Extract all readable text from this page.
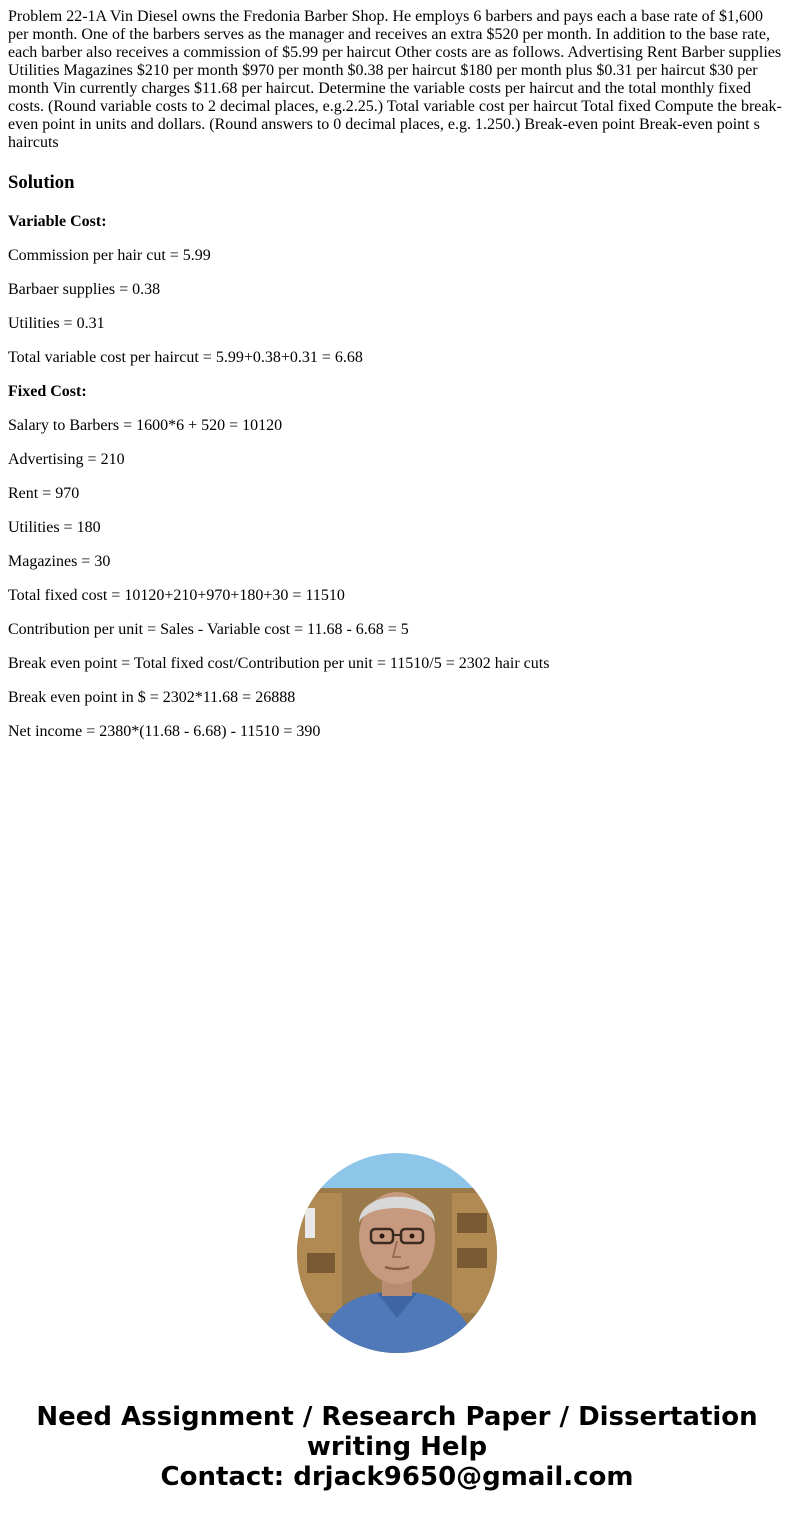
Problem 22-1A Vin Diesel owns the Fredonia Barber Shop. He employs 6 barbers and pays each a base rate of $1,600 per month. One of the barbers serves as the manager and receives an extra $520 per month. In addition to the base rate, each barber also receives a commission of $5.99 per haircut Other costs are as follows. Advertising Rent Barber supplies Utilities Magazines $210 per month $970 per month $0.38 per haircut $180 per month plus $0.31 per haircut $30 per month Vin currently charges $11.68 per haircut. Determine the variable costs per haircut and the total monthly fixed costs. (Round variable costs to 2 decimal places, e.g.2.25.) Total variable cost per haircut Total fixed Compute the break-even point in units and dollars. (Round answers to 0 decimal places, e.g. 1.250.) Break-even point Break-even point s haircuts

Solution

Variable Cost:

Commission per hair cut = 5.99

Barbaer supplies = 0.38

Utilities = 0.31

Total variable cost per haircut = 5.99+0.38+0.31 = 6.68

Fixed Cost:

Salary to Barbers = 1600*6 + 520 = 10120

Advertising = 210

Rent = 970

Utilities = 180

Magazines = 30

Total fixed cost = 10120+210+970+180+30 = 11510

Contribution per unit = Sales - Variable cost = 11.68 - 6.68 = 5

Break even point = Total fixed cost/Contribution per unit = 11510/5 = 2302 hair cuts

Break even point in $ = 2302*11.68 = 26888

Net income = 2380*(11.68 - 6.68) - 11510 = 390

Need Assignment / Research Paper / Dissertation
writing Help
Contact: drjack9650@gmail.com
